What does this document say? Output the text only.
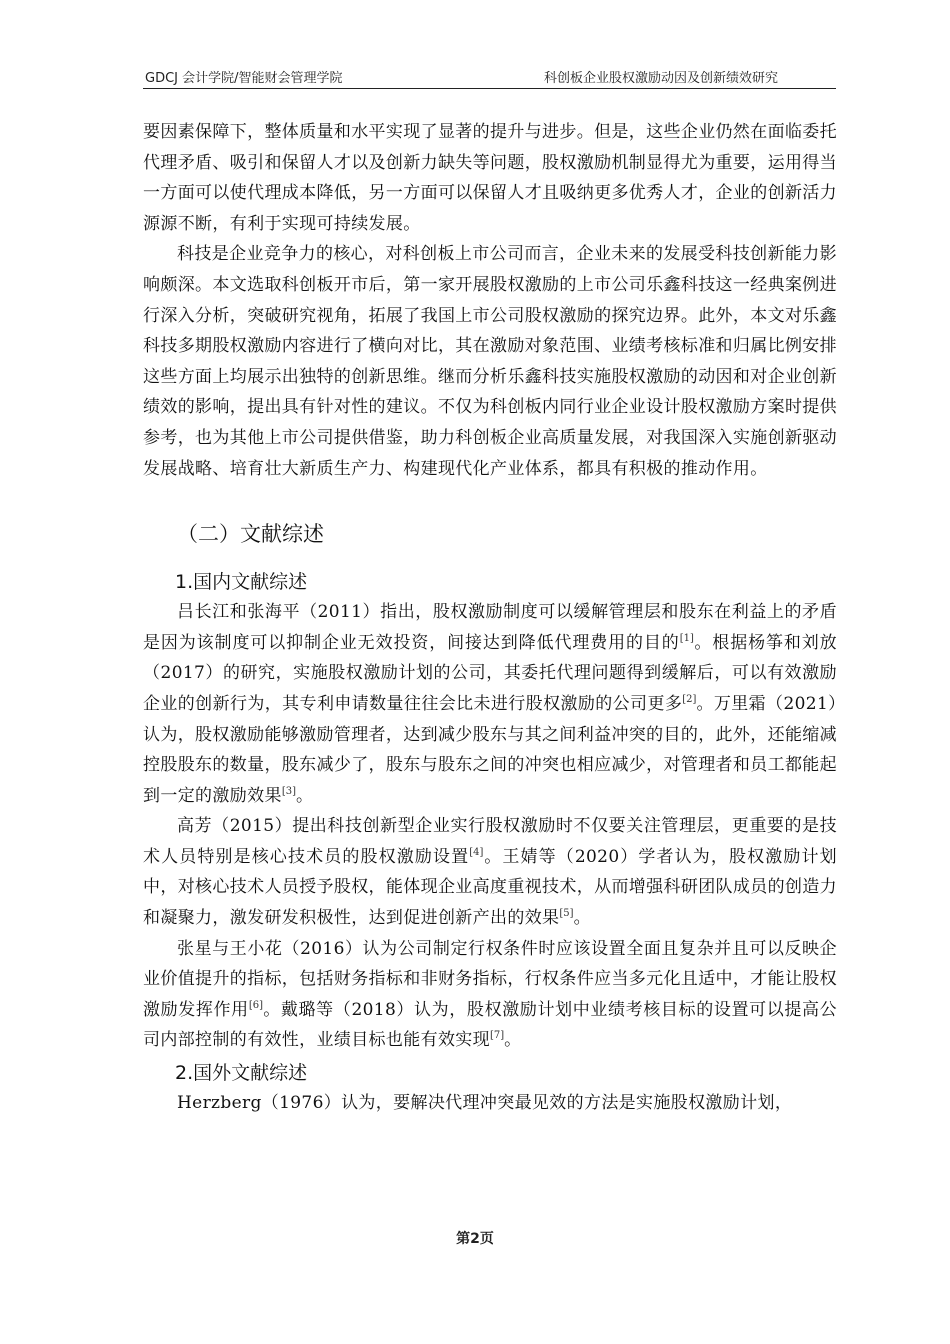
GDCJ 会计学院/智能财会管理学院	科创板企业股权激励动因及创新绩效研究

要因素保障下，整体质量和水平实现了显著的提升与进步。但是，这些企业仍然在面临委托代理矛盾、吸引和保留人才以及创新力缺失等问题，股权激励机制显得尤为重要，运用得当一方面可以使代理成本降低，另一方面可以保留人才且吸纳更多优秀人才，企业的创新活力源源不断，有利于实现可持续发展。

科技是企业竞争力的核心，对科创板上市公司而言，企业未来的发展受科技创新能力影响颇深。本文选取科创板开市后，第一家开展股权激励的上市公司乐鑫科技这一经典案例进行深入分析，突破研究视角，拓展了我国上市公司股权激励的探究边界。此外，本文对乐鑫科技多期股权激励内容进行了横向对比，其在激励对象范围、业绩考核标准和归属比例安排这些方面上均展示出独特的创新思维。继而分析乐鑫科技实施股权激励的动因和对企业创新绩效的影响，提出具有针对性的建议。不仅为科创板内同行业企业设计股权激励方案时提供参考，也为其他上市公司提供借鉴，助力科创板企业高质量发展，对我国深入实施创新驱动发展战略、培育壮大新质生产力、构建现代化产业体系，都具有积极的推动作用。

（二）文献综述
1.国内文献综述

吕长江和张海平（2011）指出，股权激励制度可以缓解管理层和股东在利益上的矛盾是因为该制度可以抑制企业无效投资，间接达到降低代理费用的目的[1]。根据杨筝和刘放（2017）的研究，实施股权激励计划的公司，其委托代理问题得到缓解后，可以有效激励企业的创新行为，其专利申请数量往往会比未进行股权激励的公司更多[2]。万里霜（2021）认为，股权激励能够激励管理者，达到减少股东与其之间利益冲突的目的，此外，还能缩减控股股东的数量，股东减少了，股东与股东之间的冲突也相应减少，对管理者和员工都能起到一定的激励效果[3]。

高芳（2015）提出科技创新型企业实行股权激励时不仅要关注管理层，更重要的是技术人员特别是核心技术员的股权激励设置[4]。王婧等（2020）学者认为，股权激励计划中，对核心技术人员授予股权，能体现企业高度重视技术，从而增强科研团队成员的创造力和凝聚力，激发研发积极性，达到促进创新产出的效果[5]。

张星与王小花（2016）认为公司制定行权条件时应该设置全面且复杂并且可以反映企业价值提升的指标，包括财务指标和非财务指标，行权条件应当多元化且适中，才能让股权激励发挥作用[6]。戴璐等（2018）认为，股权激励计划中业绩考核目标的设置可以提高公司内部控制的有效性，业绩目标也能有效实现[7]。

2.国外文献综述

Herzberg（1976）认为，要解决代理冲突最见效的方法是实施股权激励计划，

第2页
